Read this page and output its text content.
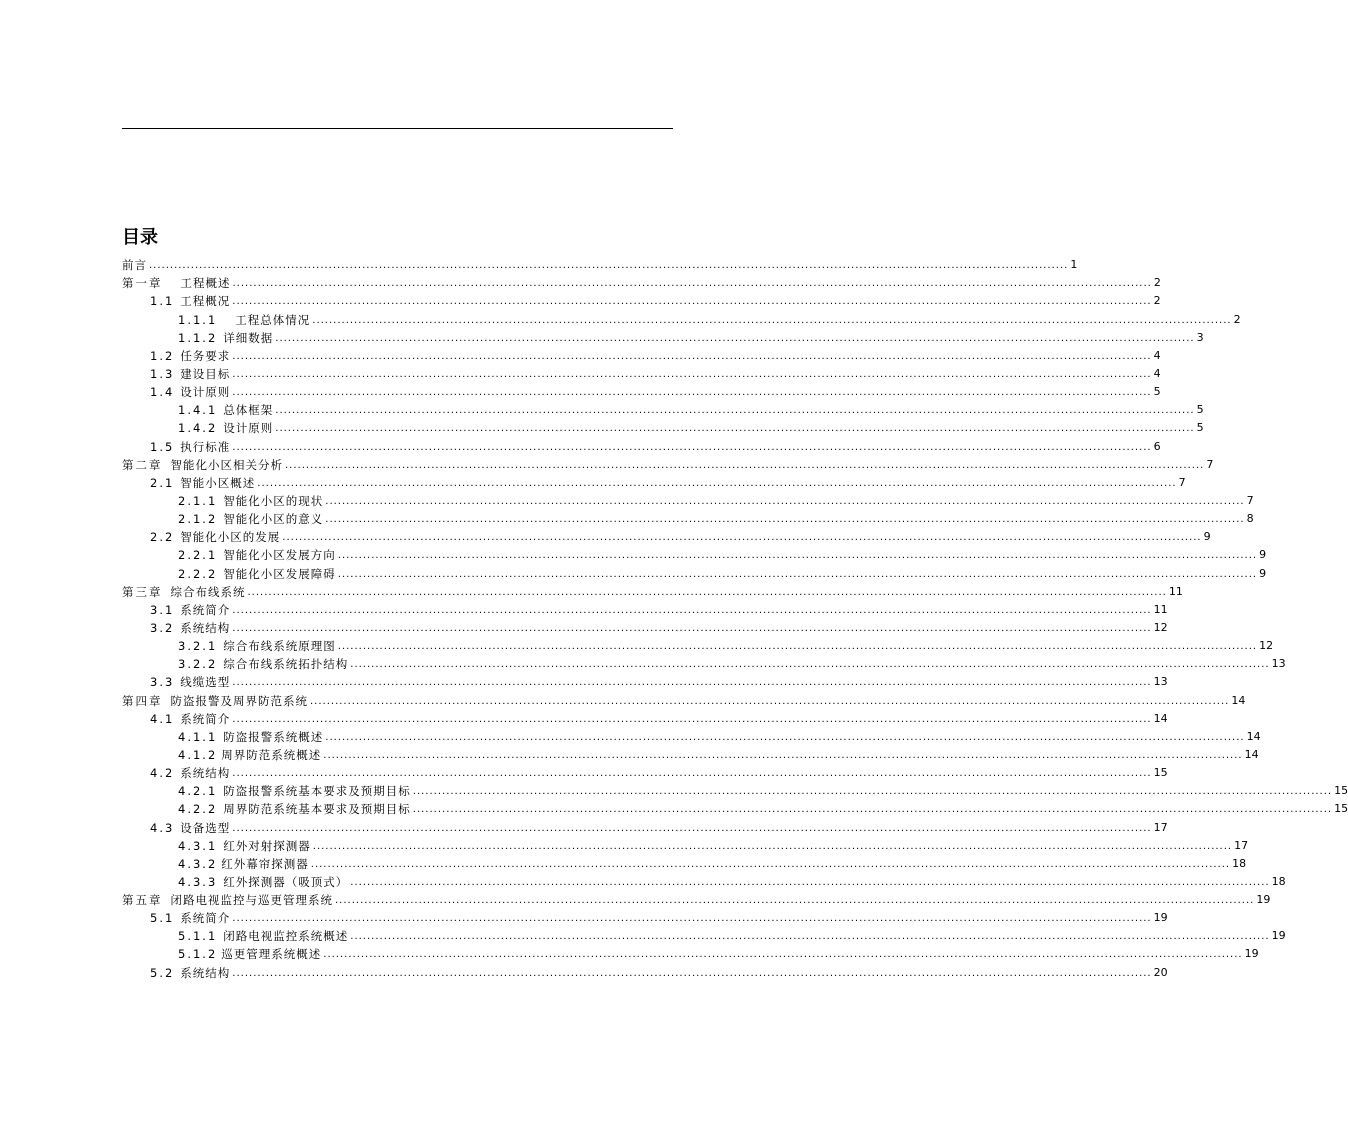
目录
前言 ............................................................................................................................................................................................................................ 1
第一章 工程概述 ............................................................................................................................................................................................................................ 2
1.1 工程概况 ............................................................................................................................................................................................................................ 2
1.1.1 工程总体情况 ............................................................................................................................................................................................................................ 2
1.1.2 详细数据 ............................................................................................................................................................................................................................ 3
1.2 任务要求 ............................................................................................................................................................................................................................ 4
1.3 建设目标 ............................................................................................................................................................................................................................ 4
1.4 设计原则 ............................................................................................................................................................................................................................ 5
1.4.1 总体框架 ............................................................................................................................................................................................................................ 5
1.4.2 设计原则 ............................................................................................................................................................................................................................ 5
1.5 执行标准 ............................................................................................................................................................................................................................ 6
第二章 智能化小区相关分析 ............................................................................................................................................................................................................................ 7
2.1 智能小区概述 ............................................................................................................................................................................................................................ 7
2.1.1 智能化小区的现状 ............................................................................................................................................................................................................................ 7
2.1.2 智能化小区的意义 ............................................................................................................................................................................................................................ 8
2.2 智能化小区的发展 ............................................................................................................................................................................................................................ 9
2.2.1 智能化小区发展方向 ............................................................................................................................................................................................................................ 9
2.2.2 智能化小区发展障碍 ............................................................................................................................................................................................................................ 9
第三章 综合布线系统 ............................................................................................................................................................................................................................ 11
3.1 系统简介 ............................................................................................................................................................................................................................ 11
3.2 系统结构 ............................................................................................................................................................................................................................ 12
3.2.1 综合布线系统原理图 ............................................................................................................................................................................................................................ 12
3.2.2 综合布线系统拓扑结构 ............................................................................................................................................................................................................................ 13
3.3 线缆选型 ............................................................................................................................................................................................................................ 13
第四章 防盗报警及周界防范系统 ............................................................................................................................................................................................................................ 14
4.1 系统简介 ............................................................................................................................................................................................................................ 14
4.1.1 防盗报警系统概述 ............................................................................................................................................................................................................................ 14
4.1.2 周界防范系统概述 ............................................................................................................................................................................................................................ 14
4.2 系统结构 ............................................................................................................................................................................................................................ 15
4.2.1 防盗报警系统基本要求及预期目标 ............................................................................................................................................................................................................................ 15
4.2.2 周界防范系统基本要求及预期目标 ............................................................................................................................................................................................................................ 15
4.3 设备选型 ............................................................................................................................................................................................................................ 17
4.3.1 红外对射探测器 ............................................................................................................................................................................................................................ 17
4.3.2 红外幕帘探测器 ............................................................................................................................................................................................................................ 18
4.3.3 红外探测器（吸顶式） ............................................................................................................................................................................................................................ 18
第五章 闭路电视监控与巡更管理系统 ............................................................................................................................................................................................................................ 19
5.1 系统简介 ............................................................................................................................................................................................................................ 19
5.1.1 闭路电视监控系统概述 ............................................................................................................................................................................................................................ 19
5.1.2 巡更管理系统概述 ............................................................................................................................................................................................................................ 19
5.2 系统结构 ............................................................................................................................................................................................................................ 20
